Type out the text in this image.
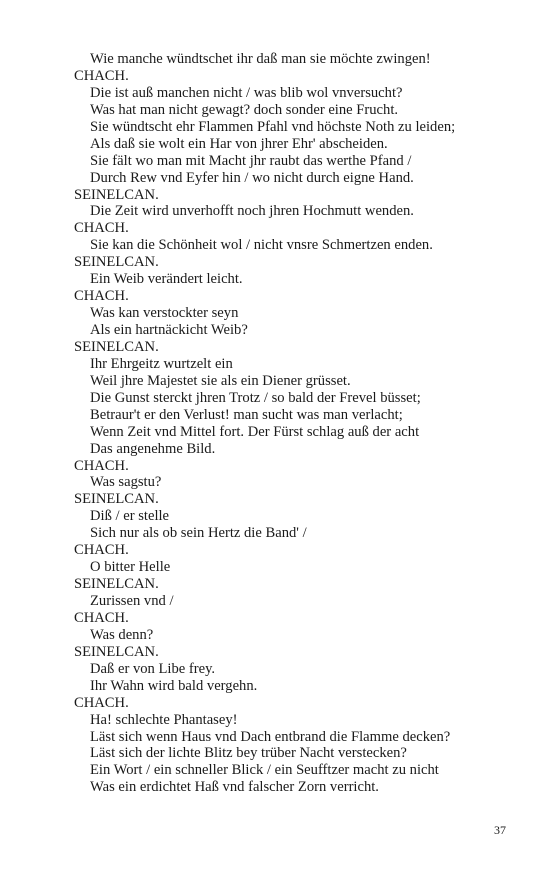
Wie manche wündtschet ihr daß man sie möchte zwingen!
CHACH.
Die ist auß manchen nicht / was blib wol vnversucht?
Was hat man nicht gewagt? doch sonder eine Frucht.
Sie wündtscht ehr Flammen Pfahl vnd höchste Noth zu leiden;
Als daß sie wolt ein Har von jhrer Ehr' abscheiden.
Sie fält wo man mit Macht jhr raubt das werthe Pfand /
Durch Rew vnd Eyfer hin / wo nicht durch eigne Hand.
SEINELCAN.
Die Zeit wird unverhofft noch jhren Hochmutt wenden.
CHACH.
Sie kan die Schönheit wol / nicht vnsre Schmertzen enden.
SEINELCAN.
Ein Weib verändert leicht.
CHACH.
Was kan verstockter seyn
Als ein hartnäckicht Weib?
SEINELCAN.
Ihr Ehrgeitz wurtzelt ein
Weil jhre Majestet sie als ein Diener grüsset.
Die Gunst sterckt jhren Trotz / so bald der Frevel büsset;
Betraur't er den Verlust! man sucht was man verlacht;
Wenn Zeit vnd Mittel fort. Der Fürst schlag auß der acht
Das angenehme Bild.
CHACH.
Was sagstu?
SEINELCAN.
Diß / er stelle
Sich nur als ob sein Hertz die Band' /
CHACH.
O bitter Helle
SEINELCAN.
Zurissen vnd /
CHACH.
Was denn?
SEINELCAN.
Daß er von Libe frey.
Ihr Wahn wird bald vergehn.
CHACH.
Ha! schlechte Phantasey!
Läst sich wenn Haus vnd Dach entbrand die Flamme decken?
Läst sich der lichte Blitz bey trüber Nacht verstecken?
Ein Wort / ein schneller Blick / ein Seufftzer macht zu nicht
Was ein erdichtet Haß vnd falscher Zorn verricht.
37
